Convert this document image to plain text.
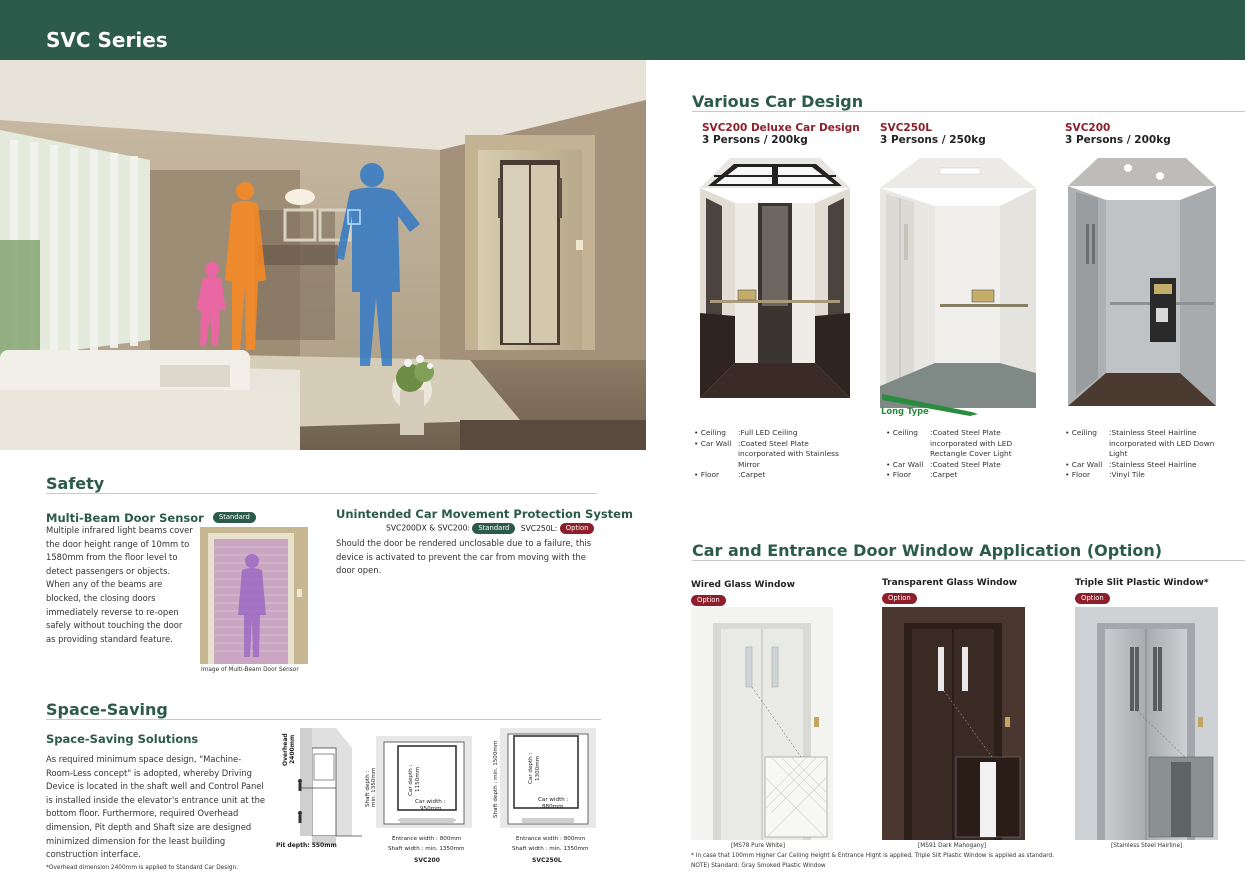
SVC Series
Safety
Multi-Beam Door Sensor Standard
Multiple infrared light beams cover the door height range of 10mm to 1580mm from the floor level to detect passengers or objects. When any of the beams are blocked, the closing doors immediately reverse to re-open safely without touching the door as providing standard feature.
Image of Multi-Beam Door Sensor
Unintended Car Movement Protection System
SVC200DX & SVC200: Standard SVC250L: Option
Should the door be rendered unclosable due to a failure, this device is activated to prevent the car from moving with the door open.
Space-Saving
Space-Saving Solutions
As required minimum space design, "Machine-Room-Less concept" is adopted, whereby Driving Device is located in the shaft well and Control Panel is installed inside the elevator's entrance unit at the bottom floor. Furthermore, required Overhead dimension, Pit depth and Shaft size are designed minimized dimension for the least building construction interface.
*Overhead dimension 2400mm is applied to Standard Car Design.
Overhead 2400mm
Pit depth: 550mm
Car depth : 1150mm
Car width :
950mm
Shaft depth : min. 1350mm
Entrance width : 800mm
Shaft width : min. 1350mm
SVC200
Car depth : 1300mm
Car width :
880mm
Shaft depth : min. 1500mm
Entrance width : 800mm
Shaft width : min. 1350mm
SVC250L
Various Car Design
SVC200 Deluxe Car Design
3 Persons / 200kg
SVC250L
3 Persons / 250kg
SVC200
3 Persons / 200kg
Long Type
• Ceiling	:Full LED Ceiling
• Car Wall	:Coated Steel Plate incorporated with Stainless Mirror
• Floor	:Carpet
• Ceiling	:Coated Steel Plate incorporated with LED Rectangle Cover Light
• Car Wall	:Coated Steel Plate
• Floor	:Carpet
• Ceiling	:Stainless Steel Hairline incorporated with LED Down Light
• Car Wall	:Stainless Steel Hairline
• Floor	:Vinyl Tile
Car and Entrance Door Window Application (Option)
Wired Glass Window
Option
Transparent Glass Window
Option
Triple Slit Plastic Window*
Option
[MS78 Pure White]	[MS91 Dark Mahogany]	[Stainless Steel Hairline]
* In case that 100mm Higher Car Ceiling Height & Entrance Hight is applied, Triple Slit Plastic Window is applied as standard.
NOTE) Standard: Gray Smoked Plastic Window
